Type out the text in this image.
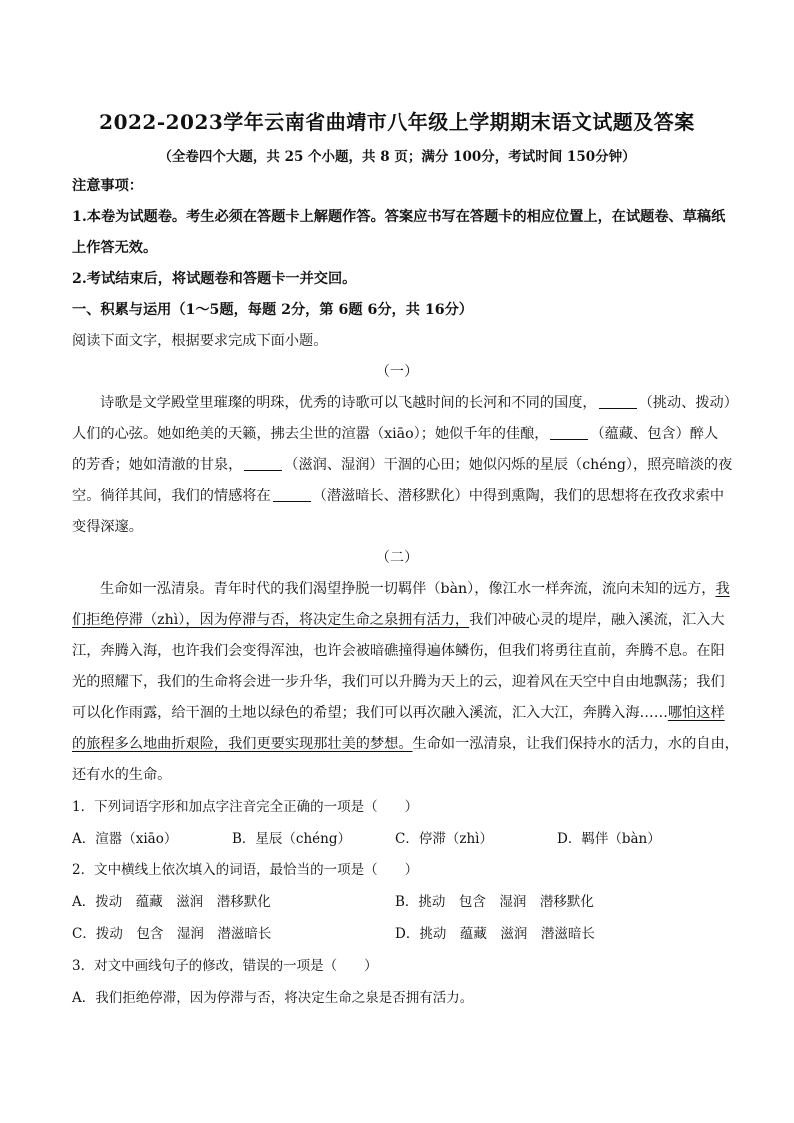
2022-2023学年云南省曲靖市八年级上学期期末语文试题及答案
（全卷四个大题，共 25 个小题，共 8 页；满分 100分，考试时间 150分钟）
注意事项：
1.本卷为试题卷。考生必须在答题卡上解题作答。答案应书写在答题卡的相应位置上，在试题卷、草稿纸
上作答无效。
2.考试结束后，将试题卷和答题卡一并交回。
一、积累与运用（1～5题，每题 2分，第 6题 6分，共 16分）
阅读下面文字，根据要求完成下面小题。
（一）
诗歌是文学殿堂里璀璨的明珠，优秀的诗歌可以飞越时间的长河和不同的国度，	（挑动、拨动）
人们的心弦。她如绝美的天籁，拂去尘世的渲嚣（xiāo）；她似千年的佳酿，	（蕴藏、包含）醉人
的芳香；她如清澈的甘泉，	（滋润、湿润）干涸的心田；她似闪烁的星辰（chéng），照亮暗淡的夜
空。徜徉其间，我们的情感将在	（潜滋暗长、潜移默化）中得到熏陶，我们的思想将在孜孜求索中
变得深邃。
（二）
生命如一泓清泉。青年时代的我们渴望挣脱一切羁伴（bàn），像江水一样奔流，流向未知的远方，我
们拒绝停滞（zhì），因为停滞与否，将决定生命之泉拥有活力，我们冲破心灵的堤岸，融入溪流，汇入大
江，奔腾入海，也许我们会变得浑浊，也许会被暗礁撞得遍体鳞伤，但我们将勇往直前，奔腾不息。在阳
光的照耀下，我们的生命将会进一步升华，我们可以升腾为天上的云，迎着风在天空中自由地飘荡；我们
可以化作雨露，给干涸的土地以绿色的希望；我们可以再次融入溪流，汇入大江，奔腾入海……哪怕这样
的旅程多么地曲折艰险，我们更要实现那壮美的梦想。生命如一泓清泉，让我们保持水的活力，水的自由，
还有水的生命。
1．下列词语字形和加点字注音完全正确的一项是（　　）
A．渲嚣（xiāo）	B．星辰（chéng）	C．停滞（zhì）	D．羁伴（bàn）
2．文中横线上依次填入的词语，最恰当的一项是（　　）
A．拨动　蕴藏　滋润　潜移默化	B．挑动　包含　湿润　潜移默化
C．拨动　包含　湿润　潜滋暗长	D．挑动　蕴藏　滋润　潜滋暗长
3．对文中画线句子的修改，错误的一项是（　　）
A．我们拒绝停滞，因为停滞与否，将决定生命之泉是否拥有活力。
